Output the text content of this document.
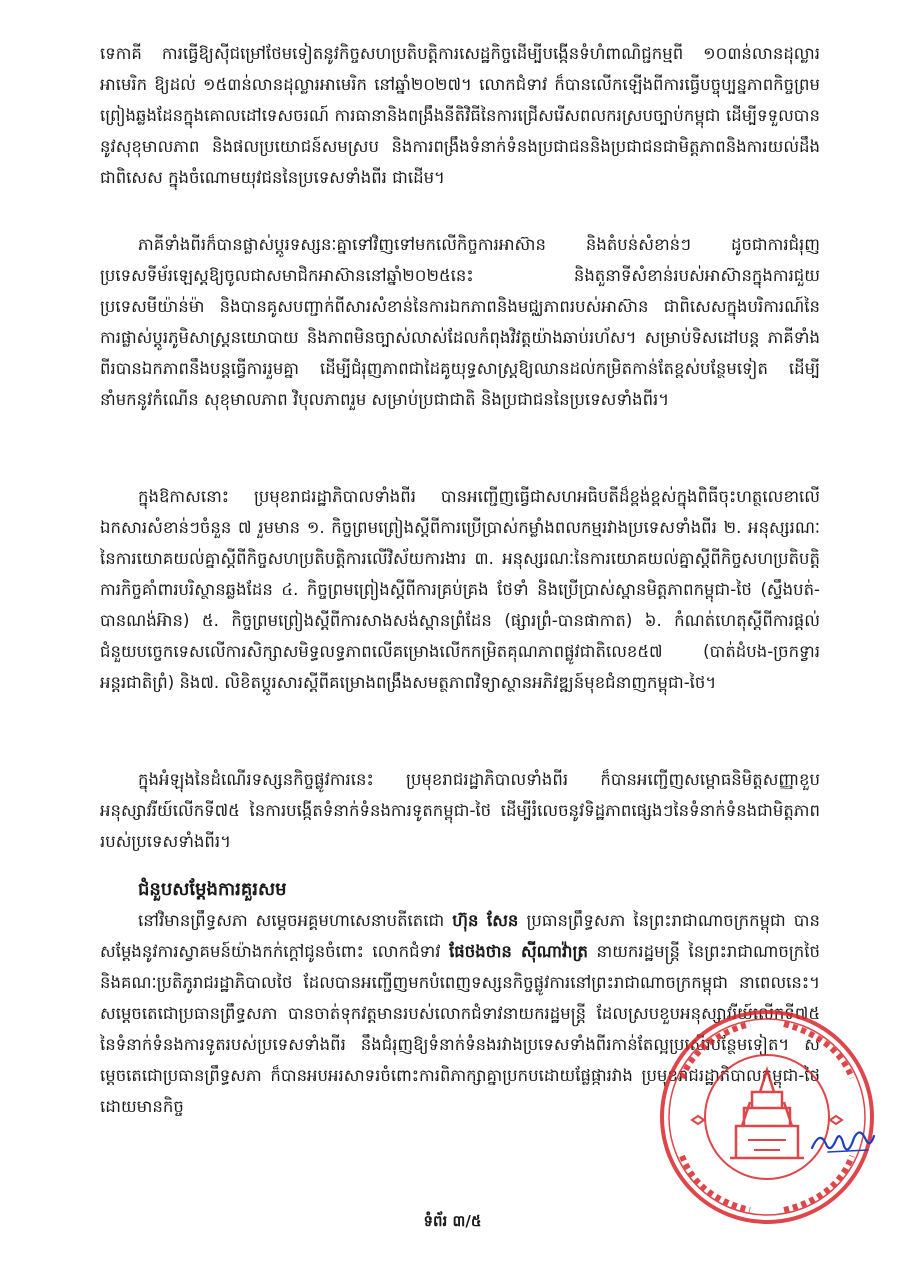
ទេកាគី ការធ្វើឱ្យស៊ីជម្រៅថែមទៀតនូវកិច្ចសហប្រតិបត្តិការសេដ្ឋកិច្ចដើម្បីបង្កើនទំហំពាណិជ្ជកម្មពី ១០៣ន់លានដុល្លារអាមេរិក ឱ្យដល់ ១៥៣ន់លានដុល្លារអាមេរិក នៅឆ្នាំ២០២៧។ លោកជំទាវ ក៏បានលើកឡើងពីការធ្វើបច្ចុប្បន្នភាពកិច្ចព្រមព្រៀងឆ្លងដែនក្នុងគោលដៅទេសចរណ៍ ការធានានិងពង្រឹងនីតិវិធីនៃការជ្រើសរើសពលករស្របច្បាប់កម្ពុជា ដើម្បីទទួលបាននូវសុខុមាលភាព និងផលប្រយោជន៍សមស្រប និងការពង្រឹងទំនាក់ទំនងប្រជាជននិងប្រជាជនជាមិត្តភាពនិងការយល់ដឹង ជាពិសេស ក្នុងចំណោមយុវជននៃប្រទេសទាំងពីរ ជាដើម។

ភាគីទាំងពីរក៏បានផ្លាស់ប្តូរទស្សនៈគ្នាទៅវិញទៅមកលើកិច្ចការអាស៊ាន និងតំបន់សំខាន់ៗ ដូចជាការជំរុញប្រទេសទីម័រឡេស្តឱ្យចូលជាសមាជិកអាស៊ាននៅឆ្នាំ២០២៥នេះ និងតួនាទីសំខាន់របស់អាស៊ានក្នុងការជួយប្រទេសមីយ៉ាន់ម៉ា និងបានគូសបញ្ជាក់ពីសារសំខាន់នៃការឯកភាពនិងមជ្ឈភាពរបស់អាស៊ាន ជាពិសេសក្នុងបរិការណ៍នៃការផ្លាស់ប្តូរភូមិសាស្ត្រនយោបាយ និងភាពមិនច្បាស់លាស់ដែលកំពុងវិវត្តយ៉ាងឆាប់រហ័ស។ សម្រាប់ទិសដៅបន្ត ភាគីទាំងពីរបានឯកភាពនឹងបន្តធ្វើការរួមគ្នា ដើម្បីជំរុញភាពជាដៃគូយុទ្ធសាស្ត្រឱ្យឈានដល់កម្រិតកាន់តែខ្ពស់បន្ថែមទៀត ដើម្បីនាំមកនូវកំណើន សុខុមាលភាព វិបុលភាពរួម សម្រាប់ប្រជាជាតិ និងប្រជាជននៃប្រទេសទាំងពីរ។

ក្នុងឱកាសនោះ ប្រមុខរាជរដ្ឋាភិបាលទាំងពីរ បានអញ្ជើញធ្វើជាសហអធិបតីដ៏ខ្ពង់ខ្ពស់ក្នុងពិធីចុះហត្ថលេខាលើឯកសារសំខាន់ៗចំនួន ៧ រួមមាន ១. កិច្ចព្រមព្រៀងស្តីពីការប្រើប្រាស់កម្លាំងពលកម្មរវាងប្រទេសទាំងពីរ ២. អនុស្សរណៈនៃការយោគយល់គ្នាស្តីពីកិច្ចសហប្រតិបត្តិការលើវិស័យការងារ ៣. អនុស្សរណៈនៃការយោគយល់គ្នាស្តីពីកិច្ចសហប្រតិបត្តិការកិច្ចគាំពារបរិស្ថានឆ្លងដែន ៤. កិច្ចព្រមព្រៀងស្តីពីការគ្រប់គ្រង ថែទាំ និងប្រើប្រាស់ស្ពានមិត្តភាពកម្ពុជា-ថៃ (ស្ទឹងបត់-បានណង់អ៊ាន) ៥. កិច្ចព្រមព្រៀងស្តីពីការសាងសង់ស្ពានព្រំដែន (ផ្សារព្រំ-បានផាកាត) ៦. កំណត់ហេតុស្តីពីការផ្តល់ជំនួយបច្ចេកទេសលើការសិក្សាសមិទ្ធលទ្ធភាពលើគម្រោងលើកកម្រិតគុណភាពផ្លូវជាតិលេខ៥៧ (បាត់ដំបង-ច្រកទ្វារអន្តរជាតិព្រំ) និង៧. លិខិតប្តូរសារស្តីពីគម្រោងពង្រឹងសមត្ថភាពវិទ្យាស្ថានអភិវឌ្ឍន៍មុខជំនាញកម្ពុជា-ថៃ។

ក្នុងអំឡុងនៃដំណើរទស្សនកិច្ចផ្លូវការនេះ ប្រមុខរាជរដ្ឋាភិបាលទាំងពីរ ក៏បានអញ្ជើញសម្ពោធនិមិត្តសញ្ញាខួបអនុស្សាវរីយ៍លើកទី៧៥ នៃការបង្កើតទំនាក់ទំនងការទូតកម្ពុជា-ថៃ ដើម្បីរំលេចនូវទិដ្ឋភាពផ្សេងៗនៃទំនាក់ទំនងជាមិត្តភាពរបស់ប្រទេសទាំងពីរ។

ជំនួបសម្តែងការគួរសម

នៅវិមានព្រឹទ្ធសភា សម្តេចអគ្គមហាសេនាបតីតេជោ ហ៊ុន សែន ប្រធានព្រឹទ្ធសភា នៃព្រះរាជាណាចក្រកម្ពុជា បានសម្តែងនូវការស្វាគមន៍យ៉ាងកក់ក្តៅជូនចំពោះ លោកជំទាវ ផែថងថាន ស៊ីណាវ៉ាត្រ នាយករដ្ឋមន្ត្រី នៃព្រះរាជាណាចក្រថៃ និងគណៈប្រតិភូរាជរដ្ឋាភិបាលថៃ ដែលបានអញ្ជើញមកបំពេញទស្សនកិច្ចផ្លូវការនៅព្រះរាជាណាចក្រកម្ពុជា នាពេលនេះ។ សម្តេចតេជោប្រធានព្រឹទ្ធសភា បានចាត់ទុកវត្តមានរបស់លោកជំទាវនាយករដ្ឋមន្ត្រី ដែលស្របខួបអនុស្សាវរីយ៍លើកទី៧៥ នៃទំនាក់ទំនងការទូតរបស់ប្រទេសទាំងពីរ នឹងជំរុញឱ្យទំនាក់ទំនងរវាងប្រទេសទាំងពីរកាន់តែល្អប្រសើរបន្ថែមទៀត។ សម្តេចតេជោប្រធានព្រឹទ្ធសភា ក៏បានអបអរសាទរចំពោះការពិភាក្សាគ្នាប្រកបដោយផ្លែផ្ការវាង ប្រមុខរាជរដ្ឋាភិបាលកម្ពុជា-ថៃ ដោយមានកិច្ច

ទំព័រ ៣/៥
